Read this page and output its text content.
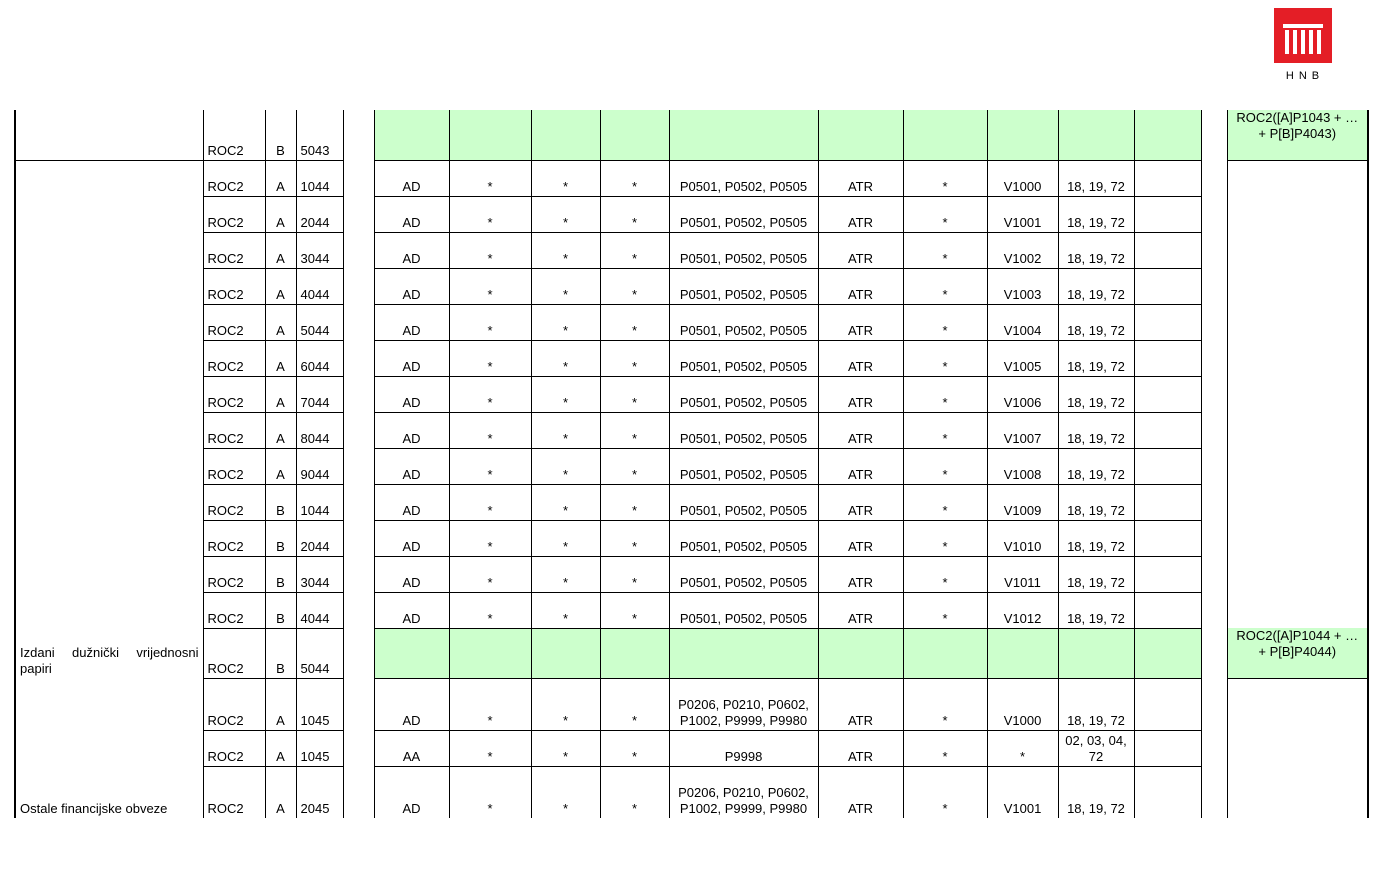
HNB
	ROC2	B	5043													ROC2([A]P1043 + … + P[B]P4043)
Izdani dužnički vrijednosni papiri	ROC2	A	1044		AD	*	*	*	P0501, P0502, P0505	ATR	*	V1000	18, 19, 72			
	ROC2	A	2044		AD	*	*	*	P0501, P0502, P0505	ATR	*	V1001	18, 19, 72			
	ROC2	A	3044		AD	*	*	*	P0501, P0502, P0505	ATR	*	V1002	18, 19, 72			
	ROC2	A	4044		AD	*	*	*	P0501, P0502, P0505	ATR	*	V1003	18, 19, 72			
	ROC2	A	5044		AD	*	*	*	P0501, P0502, P0505	ATR	*	V1004	18, 19, 72			
	ROC2	A	6044		AD	*	*	*	P0501, P0502, P0505	ATR	*	V1005	18, 19, 72			
	ROC2	A	7044		AD	*	*	*	P0501, P0502, P0505	ATR	*	V1006	18, 19, 72			
	ROC2	A	8044		AD	*	*	*	P0501, P0502, P0505	ATR	*	V1007	18, 19, 72			
	ROC2	A	9044		AD	*	*	*	P0501, P0502, P0505	ATR	*	V1008	18, 19, 72			
	ROC2	B	1044		AD	*	*	*	P0501, P0502, P0505	ATR	*	V1009	18, 19, 72			
	ROC2	B	2044		AD	*	*	*	P0501, P0502, P0505	ATR	*	V1010	18, 19, 72			
	ROC2	B	3044		AD	*	*	*	P0501, P0502, P0505	ATR	*	V1011	18, 19, 72			
	ROC2	B	4044		AD	*	*	*	P0501, P0502, P0505	ATR	*	V1012	18, 19, 72			
	ROC2	B	5044													ROC2([A]P1044 + … + P[B]P4044)
Ostale financijske obveze	ROC2	A	1045		AD	*	*	*	P0206, P0210, P0602, P1002, P9999, P9980	ATR	*	V1000	18, 19, 72			
	ROC2	A	1045		AA	*	*	*	P9998	ATR	*	*	02, 03, 04, 72			
	ROC2	A	2045		AD	*	*	*	P0206, P0210, P0602, P1002, P9999, P9980	ATR	*	V1001	18, 19, 72			
